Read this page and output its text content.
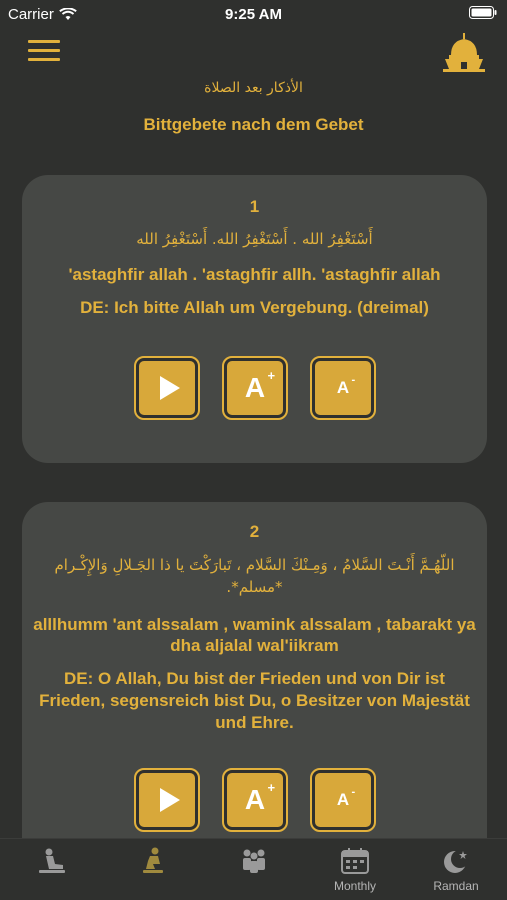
Carrier	9:25 AM
الأذكار بعد الصلاة
Bittgebete nach dem Gebet
1
أَسْتَغْفِرُ الله . أَسْتَغْفِرُ الله. أَسْتَغْفِرُ الله
'astaghfir allah . 'astaghfir allh. 'astaghfir allah
DE: Ich bitte Allah um Vergebung. (dreimal)
A +
A -
2
اللّهُـمَّ أَنْـتَ السَّلامُ ، وَمِـنْكَ السَّلام ، تَبارَكْتَ يا ذا الجَـلالِ وَالإِكْـرام *مسلم*.
alllhumm 'ant alssalam , wamink alssalam , tabarakt ya dha aljalal wal'iikram
DE: O Allah, Du bist der Frieden und von Dir ist Frieden, segensreich bist Du, o Besitzer von Majestät und Ehre.
A +
A -
Monthly	Ramdan
